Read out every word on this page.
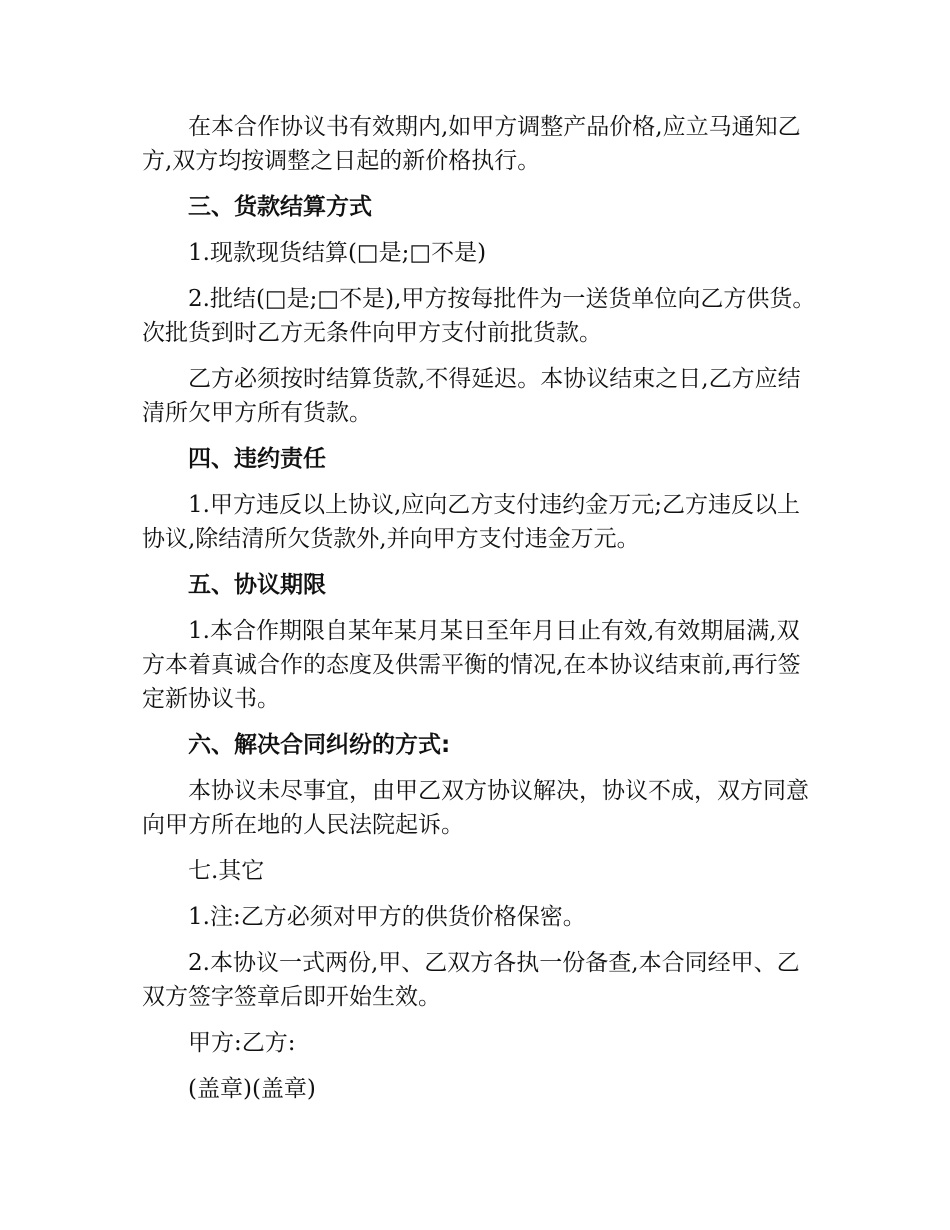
在本合作协议书有效期内,如甲方调整产品价格,应立马通知乙方,双方均按调整之日起的新价格执行。

三、货款结算方式

1.现款现货结算(□是;□不是)

2.批结(□是;□不是),甲方按每批件为一送货单位向乙方供货。次批货到时乙方无条件向甲方支付前批货款。

乙方必须按时结算货款,不得延迟。本协议结束之日,乙方应结清所欠甲方所有货款。

四、违约责任

1.甲方违反以上协议,应向乙方支付违约金万元;乙方违反以上协议,除结清所欠货款外,并向甲方支付违金万元。

五、协议期限

1.本合作期限自某年某月某日至年月日止有效,有效期届满,双方本着真诚合作的态度及供需平衡的情况,在本协议结束前,再行签定新协议书。

六、解决合同纠纷的方式:

本协议未尽事宜，由甲乙双方协议解决，协议不成，双方同意向甲方所在地的人民法院起诉。

七.其它

1.注:乙方必须对甲方的供货价格保密。

2.本协议一式两份,甲、乙双方各执一份备查,本合同经甲、乙双方签字签章后即开始生效。

甲方:乙方:

(盖章)(盖章)
